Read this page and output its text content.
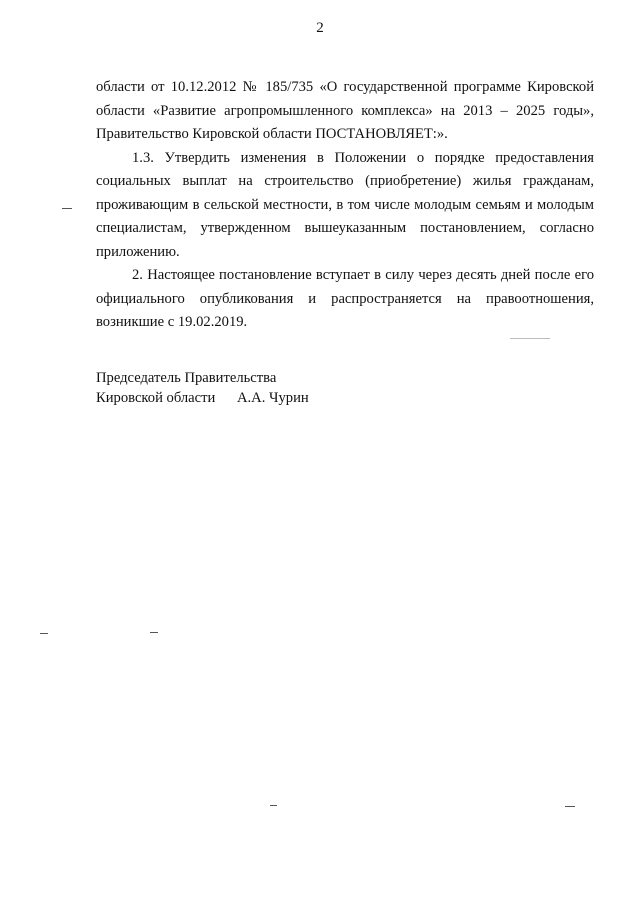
2

области от 10.12.2012 № 185/735 «О государственной программе Кировской области «Развитие агропромышленного комплекса» на 2013 – 2025 годы», Правительство Кировской области ПОСТАНОВЛЯЕТ:».

1.3. Утвердить изменения в Положении о порядке предоставления социальных выплат на строительство (приобретение) жилья гражданам, проживающим в сельской местности, в том числе молодым семьям и молодым специалистам, утвержденном вышеуказанным постановлением, согласно приложению.

2. Настоящее постановление вступает в силу через десять дней после его официального опубликования и распространяется на правоотношения, возникшие с 19.02.2019.

Председатель Правительства
Кировской области А.А. Чурин
